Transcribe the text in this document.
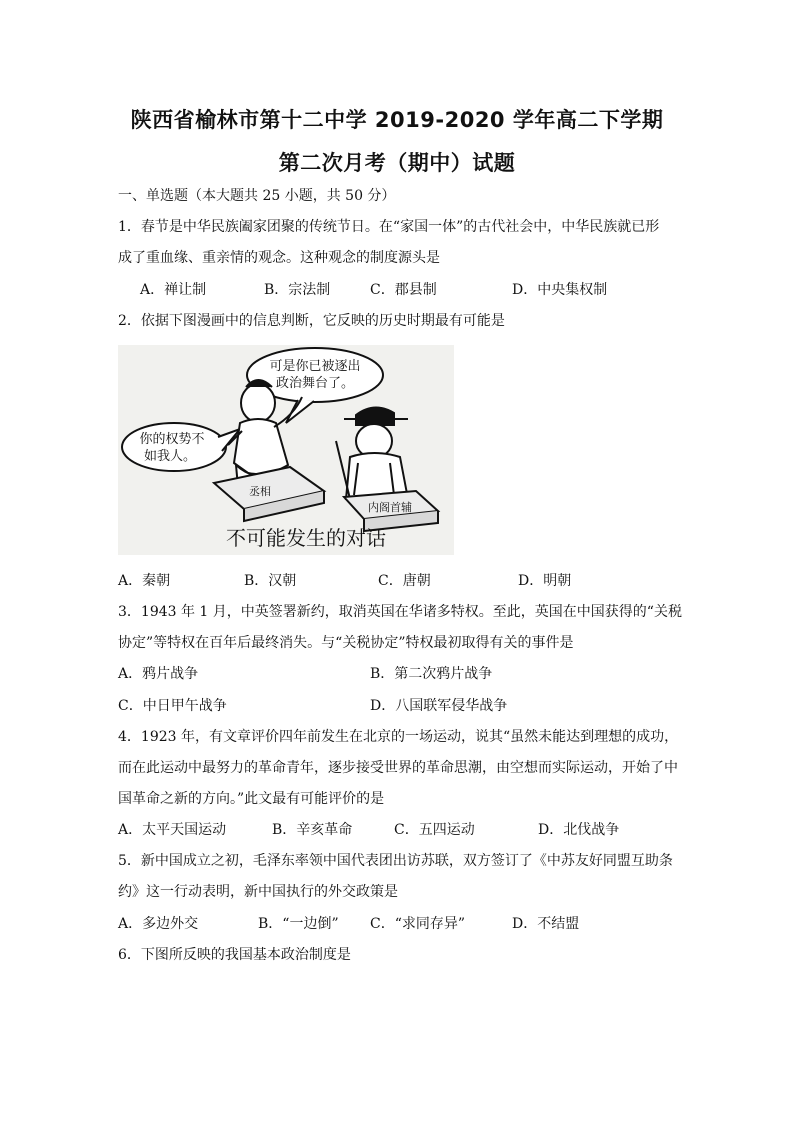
陕西省榆林市第十二中学 2019-2020 学年高二下学期
第二次月考（期中）试题
一、单选题（本大题共 25 小题，共 50 分）
1．春节是中华民族阖家团聚的传统节日。在“家国一体”的古代社会中，中华民族就已形
成了重血缘、重亲情的观念。这种观念的制度源头是
A．禅让制	B．宗法制	C．郡县制	D．中央集权制
2．依据下图漫画中的信息判断，它反映的历史时期最有可能是
可是你已被逐出
政治舞台了。
你的权势不
如我人。
丞相
内阁首辅
不可能发生的对话
A．秦朝	B．汉朝	C．唐朝	D．明朝
3．1943 年 1 月，中英签署新约，取消英国在华诸多特权。至此，英国在中国获得的“关税
协定”等特权在百年后最终消失。与“关税协定”特权最初取得有关的事件是
A．鸦片战争	B．第二次鸦片战争
C．中日甲午战争	D．八国联军侵华战争
4．1923 年，有文章评价四年前发生在北京的一场运动，说其“虽然未能达到理想的成功，
而在此运动中最努力的革命青年，逐步接受世界的革命思潮，由空想而实际运动，开始了中
国革命之新的方向。”此文最有可能评价的是
A．太平天国运动	B．辛亥革命	C．五四运动	D．北伐战争
5．新中国成立之初，毛泽东率领中国代表团出访苏联，双方签订了《中苏友好同盟互助条
约》这一行动表明，新中国执行的外交政策是
A．多边外交	B．“一边倒” C．“求同存异”	D．不结盟
6．下图所反映的我国基本政治制度是
